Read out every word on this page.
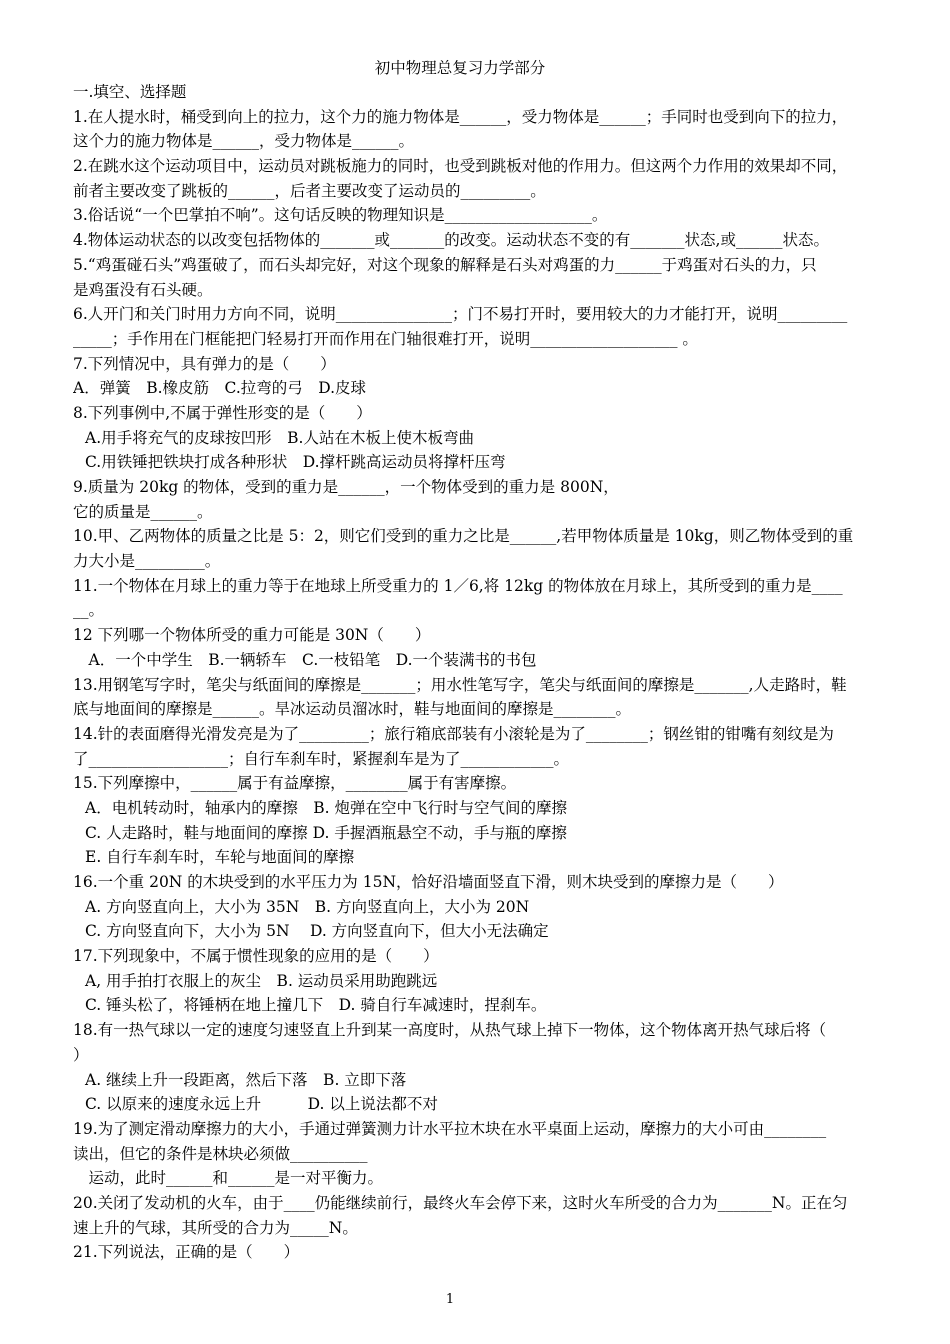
初中物理总复习力学部分
一.填空、选择题
1.在人提水时，桶受到向上的拉力，这个力的施力物体是______，受力物体是______；手同时也受到向下的拉力，
这个力的施力物体是______，受力物体是______。
2.在跳水这个运动项目中，运动员对跳板施力的同时，也受到跳板对他的作用力。但这两个力作用的效果却不同，
前者主要改变了跳板的______，后者主要改变了运动员的_________。
3.俗话说“一个巴掌拍不响”。这句话反映的物理知识是___________________。
4.物体运动状态的以改变包括物体的_______或_______的改变。运动状态不变的有_______状态,或______状态。
5.“鸡蛋碰石头”鸡蛋破了，而石头却完好，对这个现象的解释是石头对鸡蛋的力______于鸡蛋对石头的力，只
是鸡蛋没有石头硬。
6.人开门和关门时用力方向不同，说明_______________；门不易打开时，要用较大的力才能打开，说明_________
_____；手作用在门框能把门轻易打开而作用在门轴很难打开，说明___________________ 。
7.下列情况中，具有弹力的是（　　）
A．弹簧　B.橡皮筋　C.拉弯的弓　D.皮球
8.下列事例中,不属于弹性形变的是（　　）
A.用手将充气的皮球按凹形　B.人站在木板上使木板弯曲
C.用铁锤把铁块打成各种形状　D.撑杆跳高运动员将撑杆压弯
9.质量为 20kg 的物体，受到的重力是______，一个物体受到的重力是 800N，
它的质量是______。
10.甲、乙两物体的质量之比是 5：2，则它们受到的重力之比是______,若甲物体质量是 10kg，则乙物体受到的重
力大小是_________。
11.一个物体在月球上的重力等于在地球上所受重力的 1／6,将 12kg 的物体放在月球上，其所受到的重力是____
__。
12 下列哪一个物体所受的重力可能是 30N（　　）
　A．一个中学生　B.一辆轿车　C.一枝铅笔　D.一个装满书的书包
13.用钢笔写字时，笔尖与纸面间的摩擦是_______；用水性笔写字，笔尖与纸面间的摩擦是_______,人走路时，鞋
底与地面间的摩擦是______。旱冰运动员溜冰时，鞋与地面间的摩擦是________。
14.针的表面磨得光滑发亮是为了_________；旅行箱底部装有小滚轮是为了________；钢丝钳的钳嘴有刻纹是为
了__________________；自行车刹车时，紧握刹车是为了____________。
15.下列摩擦中，______属于有益摩擦，________属于有害摩擦。
A．电机转动时，轴承内的摩擦　B. 炮弹在空中飞行时与空气间的摩擦
C. 人走路时，鞋与地面间的摩擦 D. 手握酒瓶悬空不动，手与瓶的摩擦
E. 自行车刹车时，车轮与地面间的摩擦
16.一个重 20N 的木块受到的水平压力为 15N，恰好沿墙面竖直下滑，则木块受到的摩擦力是（　　）
A. 方向竖直向上，大小为 35N　B. 方向竖直向上，大小为 20N
C. 方向竖直向下，大小为 5N　 D. 方向竖直向下，但大小无法确定
17.下列现象中，不属于惯性现象的应用的是（　　）
A, 用手拍打衣服上的灰尘　B. 运动员采用助跑跳远
C. 锤头松了，将锤柄在地上撞几下　D. 骑自行车减速时，捏刹车。
18.有一热气球以一定的速度匀速竖直上升到某一高度时，从热气球上掉下一物体，这个物体离开热气球后将（
）
A. 继续上升一段距离，然后下落　B. 立即下落
C. 以原来的速度永远上升　　　D. 以上说法都不对
19.为了测定滑动摩擦力的大小，手通过弹簧测力计水平拉木块在水平桌面上运动，摩擦力的大小可由________
读出，但它的条件是林块必须做__________
　运动，此时______和______是一对平衡力。
20.关闭了发动机的火车，由于____仍能继续前行，最终火车会停下来，这时火车所受的合力为_______N。正在匀
速上升的气球，其所受的合力为_____N。
21.下列说法，正确的是（　　）
1
